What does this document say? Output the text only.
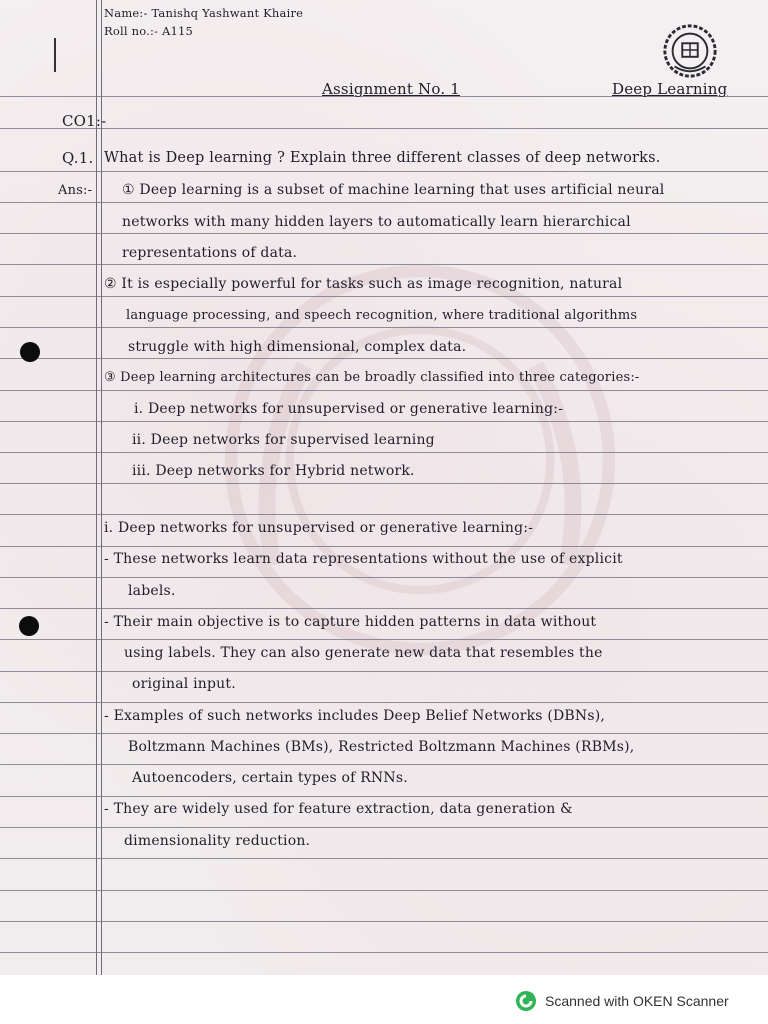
Name:- Tanishq Yashwant Khaire
Roll no.:- A115
Assignment No. 1	Deep Learning
CO1:-
Q.1. What is Deep learning ? Explain three different classes of deep networks.
Ans:- ① Deep learning is a subset of machine learning that uses artificial neural
networks with many hidden layers to automatically learn hierarchical
representations of data.
② It is especially powerful for tasks such as image recognition, natural
language processing, and speech recognition, where traditional algorithms
struggle with high dimensional, complex data.
③ Deep learning architectures can be broadly classified into three categories:-
i. Deep networks for unsupervised or generative learning:-
ii. Deep networks for supervised learning
iii. Deep networks for Hybrid network.
i. Deep networks for unsupervised or generative learning:-
- These networks learn data representations without the use of explicit
labels.
- Their main objective is to capture hidden patterns in data without
using labels. They can also generate new data that resembles the
original input.
- Examples of such networks includes Deep Belief Networks (DBNs),
Boltzmann Machines (BMs), Restricted Boltzmann Machines (RBMs),
Autoencoders, certain types of RNNs.
- They are widely used for feature extraction, data generation &
dimensionality reduction.
Scanned with OKEN Scanner
